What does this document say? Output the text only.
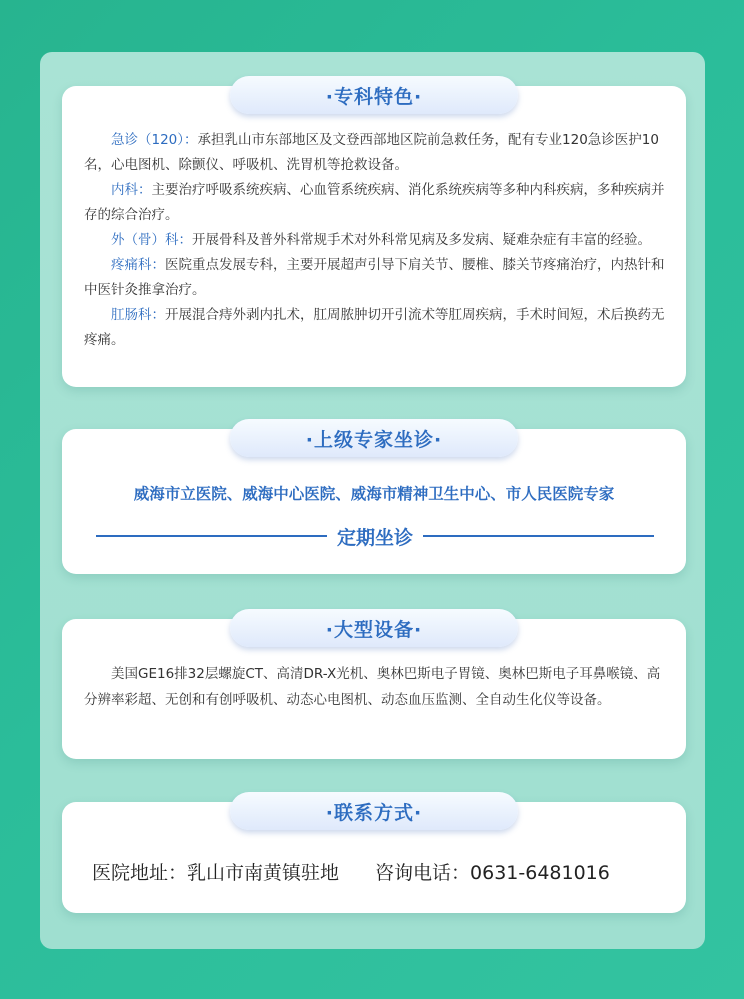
·专科特色·

急诊（120）：承担乳山市东部地区及文登西部地区院前急救任务，配有专业120急诊医护10名，心电图机、除颤仪、呼吸机、洗胃机等抢救设备。

内科：主要治疗呼吸系统疾病、心血管系统疾病、消化系统疾病等多种内科疾病，多种疾病并存的综合治疗。

外（骨）科：开展骨科及普外科常规手术对外科常见病及多发病、疑难杂症有丰富的经验。

疼痛科：医院重点发展专科，主要开展超声引导下肩关节、腰椎、膝关节疼痛治疗，内热针和中医针灸推拿治疗。

肛肠科：开展混合痔外剥内扎术，肛周脓肿切开引流术等肛周疾病，手术时间短，术后换药无疼痛。

·上级专家坐诊·
威海市立医院、威海中心医院、威海市精神卫生中心、市人民医院专家
定期坐诊
·大型设备·
美国GE16排32层螺旋CT、高清DR-X光机、奥林巴斯电子胃镜、奥林巴斯电子耳鼻喉镜、高分辨率彩超、无创和有创呼吸机、动态心电图机、动态血压监测、全自动生化仪等设备。
·联系方式·
医院地址：乳山市南黄镇驻地 咨询电话：0631-6481016
